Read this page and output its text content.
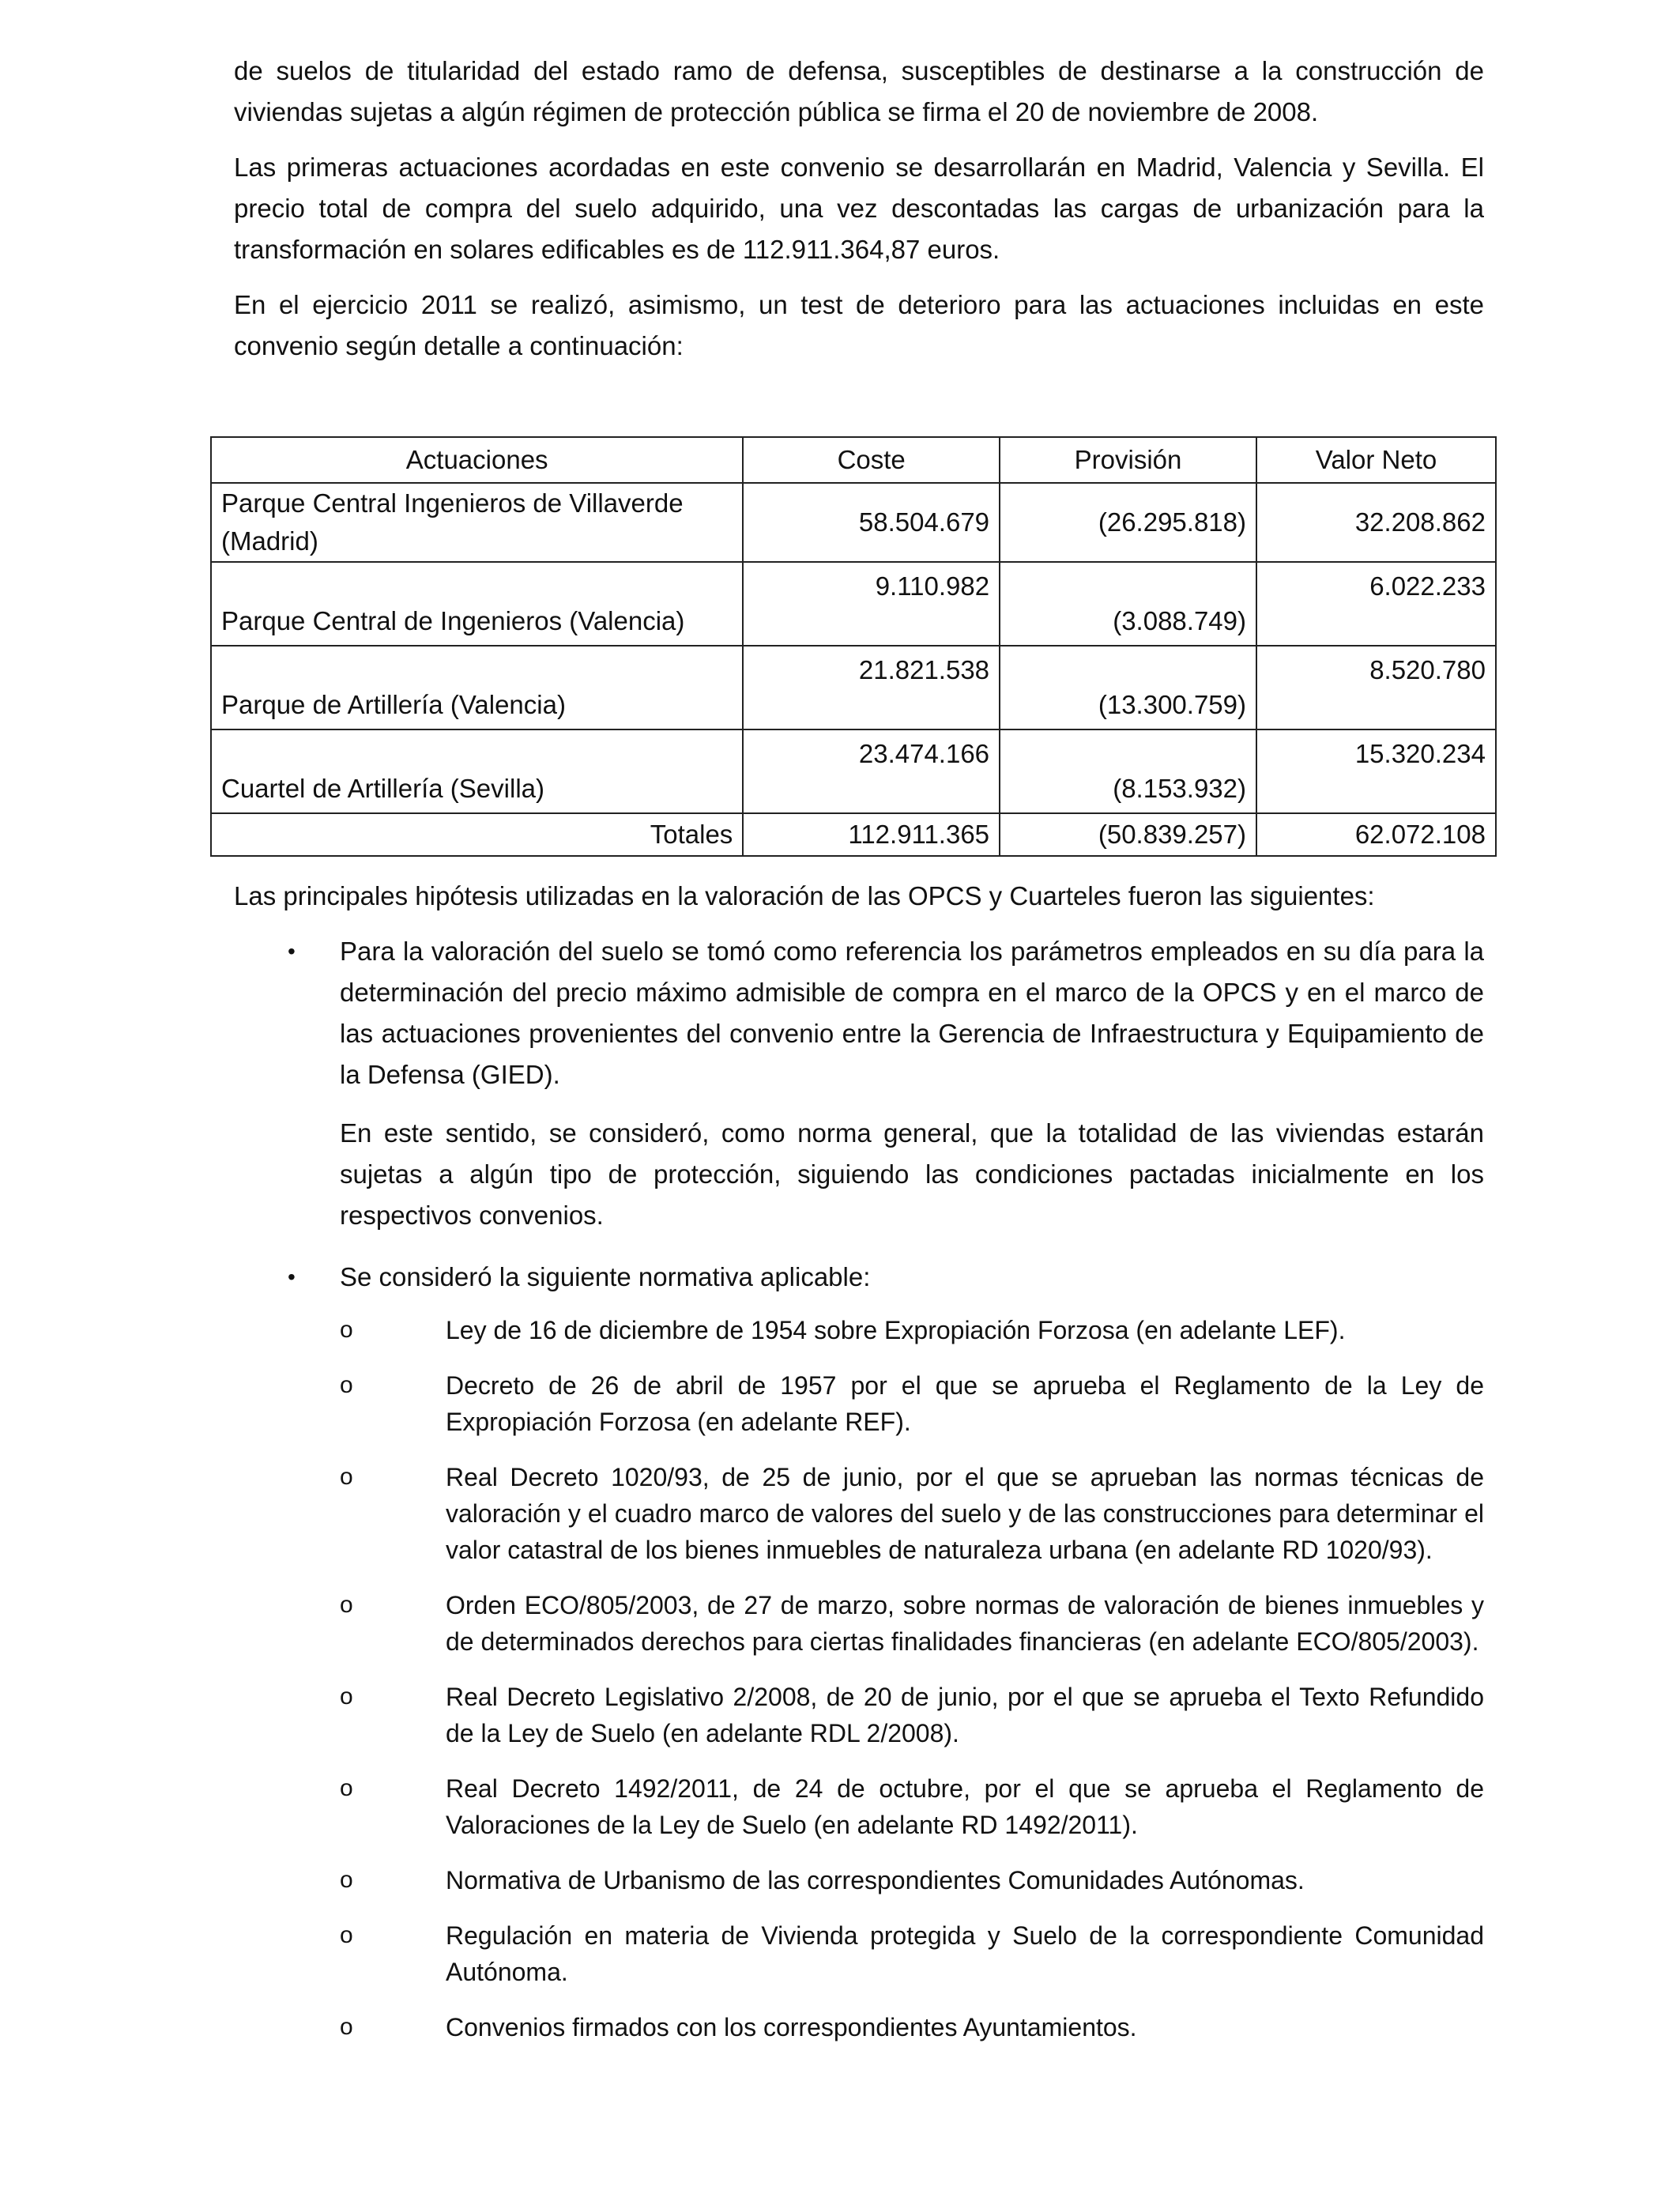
de suelos de titularidad del estado ramo de defensa, susceptibles de destinarse a la construcción de viviendas sujetas a algún régimen de protección pública se firma el 20 de noviembre de 2008.

Las primeras actuaciones acordadas en este convenio se desarrollarán en Madrid, Valencia y Sevilla. El precio total de compra del suelo adquirido, una vez descontadas las cargas de urbanización para la transformación en solares edificables es de 112.911.364,87 euros.

En el ejercicio 2011 se realizó, asimismo, un test de deterioro para las actuaciones incluidas en este convenio según detalle a continuación:

Actuaciones	Coste	Provisión	Valor Neto
Parque Central Ingenieros de Villaverde (Madrid)	58.504.679	(26.295.818)	32.208.862
Parque Central de Ingenieros (Valencia)	9.110.982	(3.088.749)	6.022.233
Parque de Artillería (Valencia)	21.821.538	(13.300.759)	8.520.780
Cuartel de Artillería (Sevilla)	23.474.166	(8.153.932)	15.320.234
Totales	112.911.365	(50.839.257)	62.072.108

Las principales hipótesis utilizadas en la valoración de las OPCS y Cuarteles fueron las siguientes:

• Para la valoración del suelo se tomó como referencia los parámetros empleados en su día para la determinación del precio máximo admisible de compra en el marco de la OPCS y en el marco de las actuaciones provenientes del convenio entre la Gerencia de Infraestructura y Equipamiento de la Defensa (GIED).

En este sentido, se consideró, como norma general, que la totalidad de las viviendas estarán sujetas a algún tipo de protección, siguiendo las condiciones pactadas inicialmente en los respectivos convenios.

• Se consideró la siguiente normativa aplicable:
o	Ley de 16 de diciembre de 1954 sobre Expropiación Forzosa (en adelante LEF).
o	Decreto de 26 de abril de 1957 por el que se aprueba el Reglamento de la Ley de Expropiación Forzosa (en adelante REF).
o	Real Decreto 1020/93, de 25 de junio, por el que se aprueban las normas técnicas de valoración y el cuadro marco de valores del suelo y de las construcciones para determinar el valor catastral de los bienes inmuebles de naturaleza urbana (en adelante RD 1020/93).
o	Orden ECO/805/2003, de 27 de marzo, sobre normas de valoración de bienes inmuebles y de determinados derechos para ciertas finalidades financieras (en adelante ECO/805/2003).
o	Real Decreto Legislativo 2/2008, de 20 de junio, por el que se aprueba el Texto Refundido de la Ley de Suelo (en adelante RDL 2/2008).
o	Real Decreto 1492/2011, de 24 de octubre, por el que se aprueba el Reglamento de Valoraciones de la Ley de Suelo (en adelante RD 1492/2011).
o	Normativa de Urbanismo de las correspondientes Comunidades Autónomas.
o	Regulación en materia de Vivienda protegida y Suelo de la correspondiente Comunidad Autónoma.
o	Convenios firmados con los correspondientes Ayuntamientos.
